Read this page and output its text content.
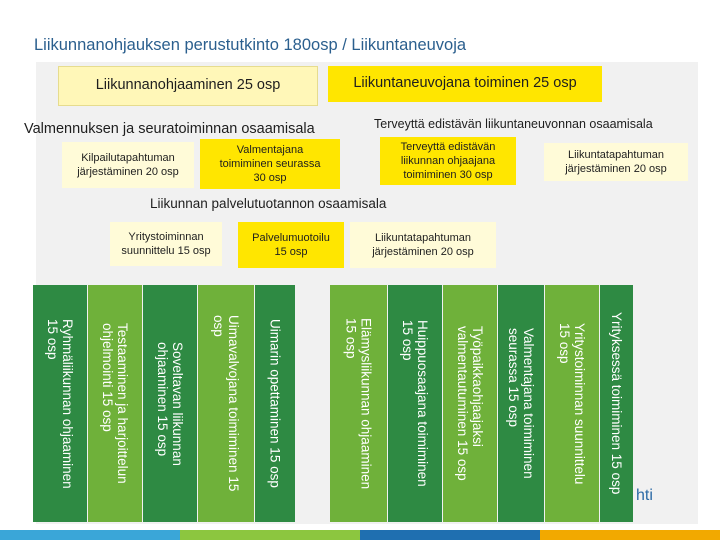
Liikunnanohjauksen perustutkinto 180osp / Liikuntaneuvoja
Liikunnanohjaaminen 25 osp	Liikuntaneuvojana toiminen 25 osp
Valmennuksen ja seuratoiminnan osaamisala
Kilpailutapahtuman
järjestäminen 20 osp
Valmentajana
toimiminen seurassa
30 osp
Terveyttä edistävän liikuntaneuvonnan osaamisala
Terveyttä edistävän
liikunnan ohjaajana
toimiminen 30 osp
Liikuntatapahtuman
järjestäminen 20 osp
Liikunnan palvelutuotannon osaamisala
Yritystoiminnan
suunnittelu 15 osp
Palvelumuotoilu
15 osp
Liikuntatapahtuman
järjestäminen 20 osp
Yrityksessä toimiminen 15 osp
Yritystoiminnan suunnittelu
15 osp
Valmentajana toimiminen
seurassa 15 osp
Työpaikkaohjaajaksi
valmentautuminen 15 osp
Huippuosaajana toimiminen
15 osp
Elämysliikunnan ohjaaminen
15 osp
Uimarin opettaminen 15 osp
Uimavalvojana toimiminen 15
osp
Soveltavan liikunnan
ohjaaminen 15 osp
Testaaminen ja harjoittelun
ohjelmointi 15 osp
Ryhmäliikunnan ohjaaminen
15 osp
hti
